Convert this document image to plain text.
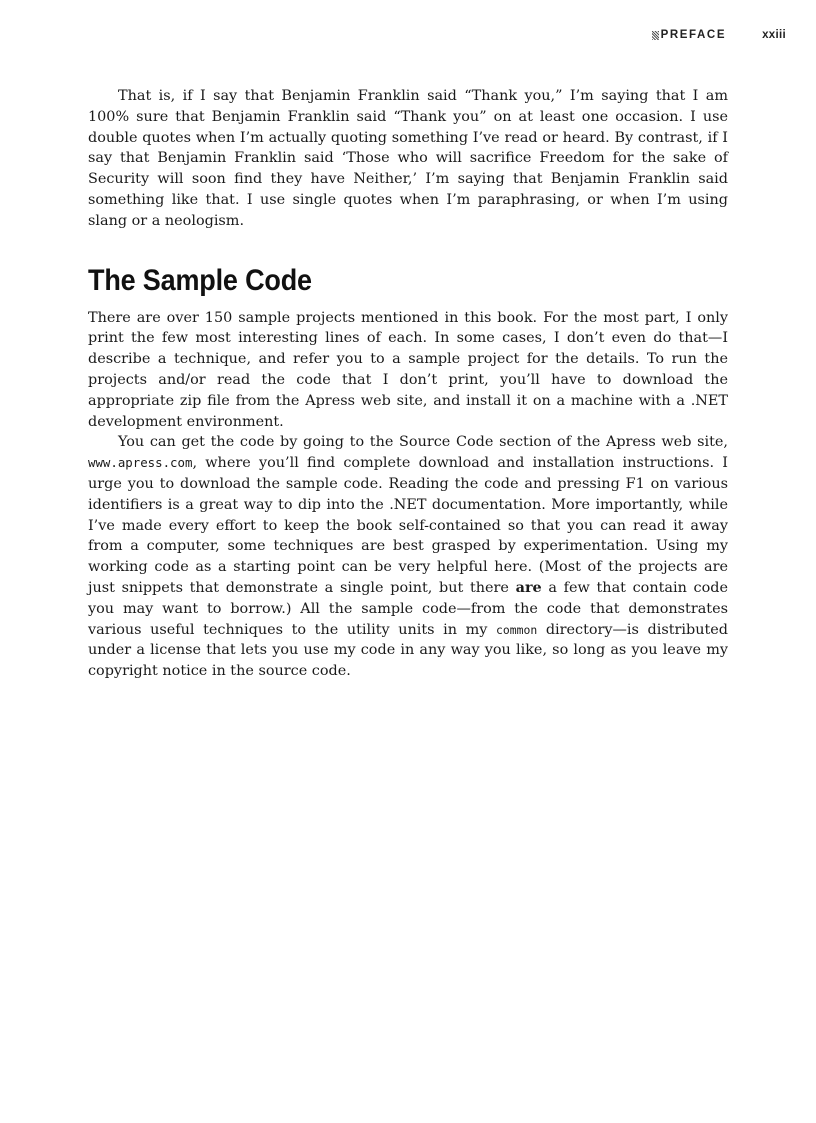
PREFACE	xxiii

That is, if I say that Benjamin Franklin said “Thank you,” I’m saying that I am 100% sure that Benjamin Franklin said “Thank you” on at least one occasion. I use double quotes when I’m actually quoting something I’ve read or heard. By contrast, if I say that Benjamin Franklin said ‘Those who will sacrifice Freedom for the sake of Security will soon find they have Neither,’ I’m saying that Benjamin Franklin said something like that. I use single quotes when I’m paraphrasing, or when I’m using slang or a neologism.

The Sample Code

There are over 150 sample projects mentioned in this book. For the most part, I only print the few most interesting lines of each. In some cases, I don’t even do that—I describe a technique, and refer you to a sample project for the details. To run the projects and/or read the code that I don’t print, you’ll have to download the appropriate zip file from the Apress web site, and install it on a machine with a .NET development environment.

You can get the code by going to the Source Code section of the Apress web site, www.apress.com, where you’ll find complete download and installation instructions. I urge you to download the sample code. Reading the code and pressing F1 on various identifiers is a great way to dip into the .NET documentation. More importantly, while I’ve made every effort to keep the book self-contained so that you can read it away from a computer, some techniques are best grasped by experimentation. Using my working code as a starting point can be very helpful here. (Most of the projects are just snippets that demonstrate a single point, but there are a few that contain code you may want to borrow.) All the sample code—from the code that demonstrates various useful techniques to the utility units in my common directory—is distributed under a license that lets you use my code in any way you like, so long as you leave my copyright notice in the source code.
